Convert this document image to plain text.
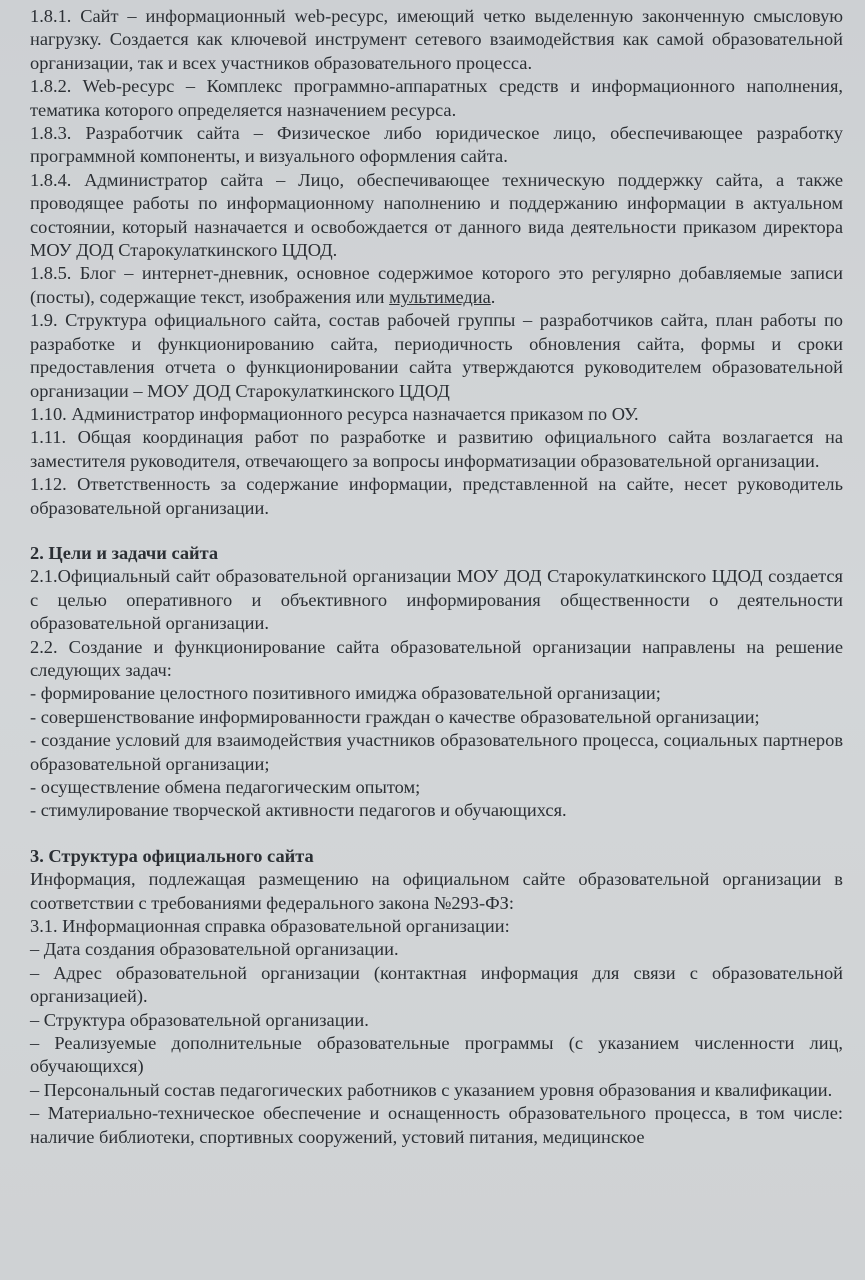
1.8.1. Сайт – информационный web-ресурс, имеющий четко выделенную законченную смысловую нагрузку. Создается как ключевой инструмент сетевого взаимодействия как самой образовательной организации, так и всех участников образовательного процесса.

1.8.2. Web-ресурс – Комплекс программно-аппаратных средств и информационного наполнения, тематика которого определяется назначением ресурса.

1.8.3. Разработчик сайта – Физическое либо юридическое лицо, обеспечивающее разработку программной компоненты, и визуального оформления сайта.

1.8.4. Администратор сайта – Лицо, обеспечивающее техническую поддержку сайта, а также проводящее работы по информационному наполнению и поддержанию информации в актуальном состоянии, который назначается и освобождается от данного вида деятельности приказом директора МОУ ДОД Старокулаткинского ЦДОД.

1.8.5. Блог – интернет-дневник, основное содержимое которого это регулярно добавляемые записи (посты), содержащие текст, изображения или мультимедиа.

1.9. Структура официального сайта, состав рабочей группы – разработчиков сайта, план работы по разработке и функционированию сайта, периодичность обновления сайта, формы и сроки предоставления отчета о функционировании сайта утверждаются руководителем образовательной организации – МОУ ДОД Старокулаткинского ЦДОД

1.10. Администратор информационного ресурса назначается приказом по ОУ.

1.11. Общая координация работ по разработке и развитию официального сайта возлагается на заместителя руководителя, отвечающего за вопросы информатизации образовательной организации.

1.12. Ответственность за содержание информации, представленной на сайте, несет руководитель образовательной организации.

2. Цели и задачи сайта

2.1.Официальный сайт образовательной организации МОУ ДОД Старокулаткинского ЦДОД создается с целью оперативного и объективного информирования общественности о деятельности образовательной организации.

2.2. Создание и функционирование сайта образовательной организации направлены на решение следующих задач:

- формирование целостного позитивного имиджа образовательной организации;

- совершенствование информированности граждан о качестве образовательной организации;

- создание условий для взаимодействия участников образовательного процесса, социальных партнеров образовательной организации;

- осуществление обмена педагогическим опытом;

- стимулирование творческой активности педагогов и обучающихся.

3. Структура официального сайта

Информация, подлежащая размещению на официальном сайте образовательной организации в соответствии с требованиями федерального закона №293-ФЗ:

3.1. Информационная справка образовательной организации:

– Дата создания образовательной организации.

– Адрес образовательной организации (контактная информация для связи с образовательной организацией).

– Структура образовательной организации.

– Реализуемые дополнительные образовательные программы (с указанием численности лиц, обучающихся)

– Персональный состав педагогических работников с указанием уровня образования и квалификации.

– Материально-техническое обеспечение и оснащенность образовательного процесса, в том числе: наличие библиотеки, спортивных сооружений, устовий питания, медицинское
